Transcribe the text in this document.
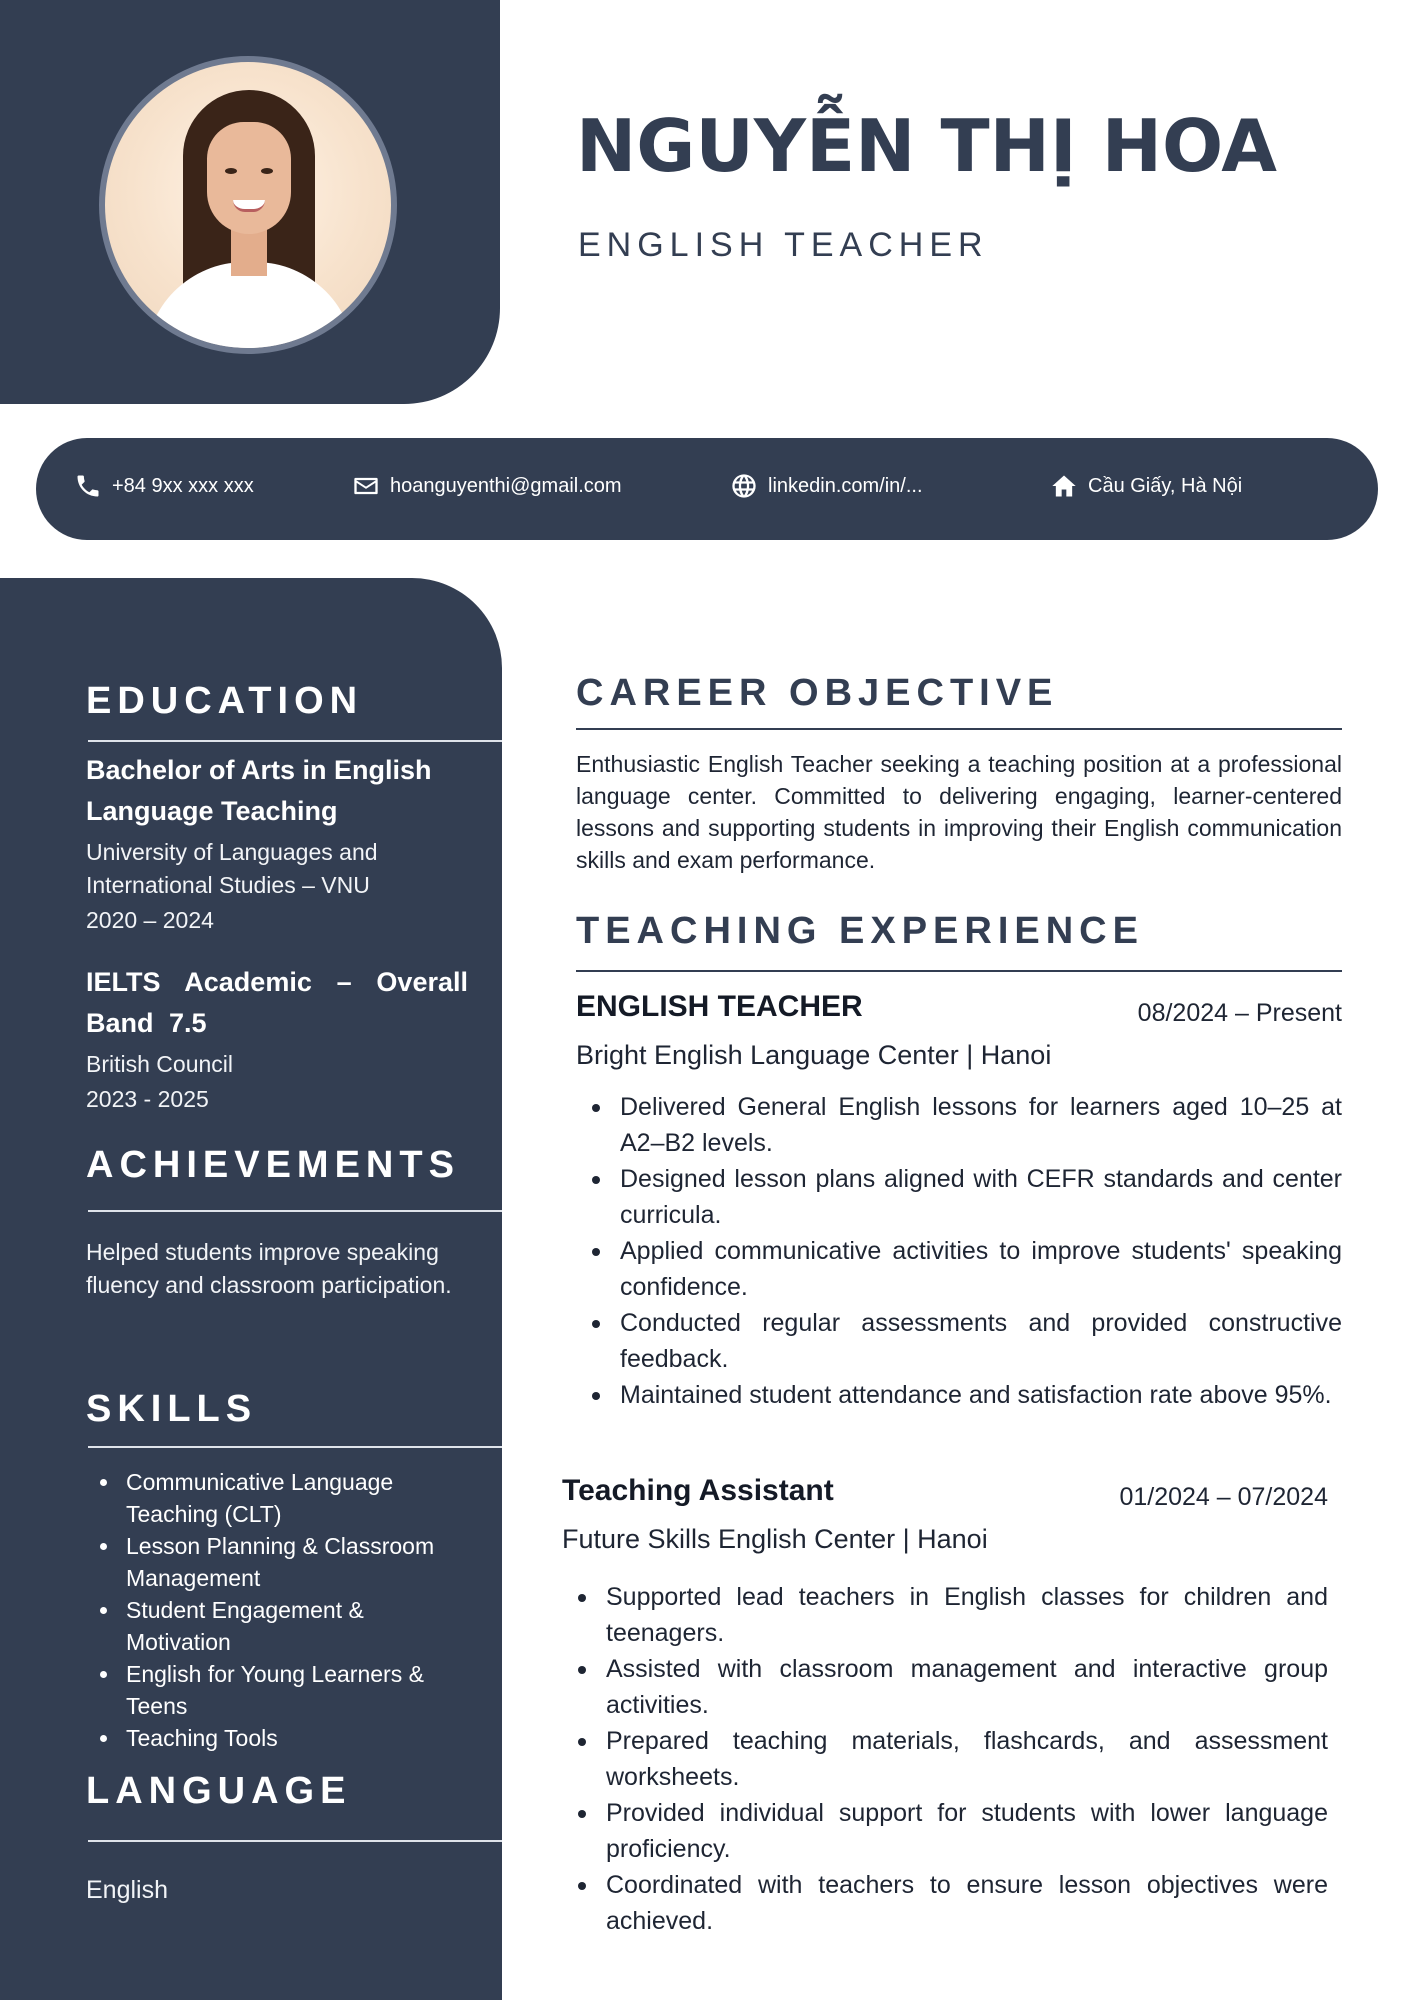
NGUYỄN THỊ HOA
ENGLISH TEACHER
+84 9xx xxx xxx	hoanguyenthi@gmail.com	linkedin.com/in/...	Cầu Giấy, Hà Nội
EDUCATION
Bachelor of Arts in English Language Teaching
University of Languages and International Studies – VNU
2020 – 2024
IELTS Academic – Overall Band 7.5
British Council
2023 - 2025
ACHIEVEMENTS
Helped students improve speaking fluency and classroom participation.
SKILLS
Communicative Language Teaching (CLT)
Lesson Planning & Classroom Management
Student Engagement & Motivation
English for Young Learners & Teens
Teaching Tools
LANGUAGE
English
CAREER OBJECTIVE
Enthusiastic English Teacher seeking a teaching position at a professional language center. Committed to delivering engaging, learner-centered lessons and supporting students in improving their English communication skills and exam performance.
TEACHING EXPERIENCE
ENGLISH TEACHER	08/2024 – Present
Bright English Language Center | Hanoi
Delivered General English lessons for learners aged 10–25 at A2–B2 levels.
Designed lesson plans aligned with CEFR standards and center curricula.
Applied communicative activities to improve students' speaking confidence.
Conducted regular assessments and provided constructive feedback.
Maintained student attendance and satisfaction rate above 95%.
Teaching Assistant	01/2024 – 07/2024
Future Skills English Center | Hanoi
Supported lead teachers in English classes for children and teenagers.
Assisted with classroom management and interactive group activities.
Prepared teaching materials, flashcards, and assessment worksheets.
Provided individual support for students with lower language proficiency.
Coordinated with teachers to ensure lesson objectives were achieved.
